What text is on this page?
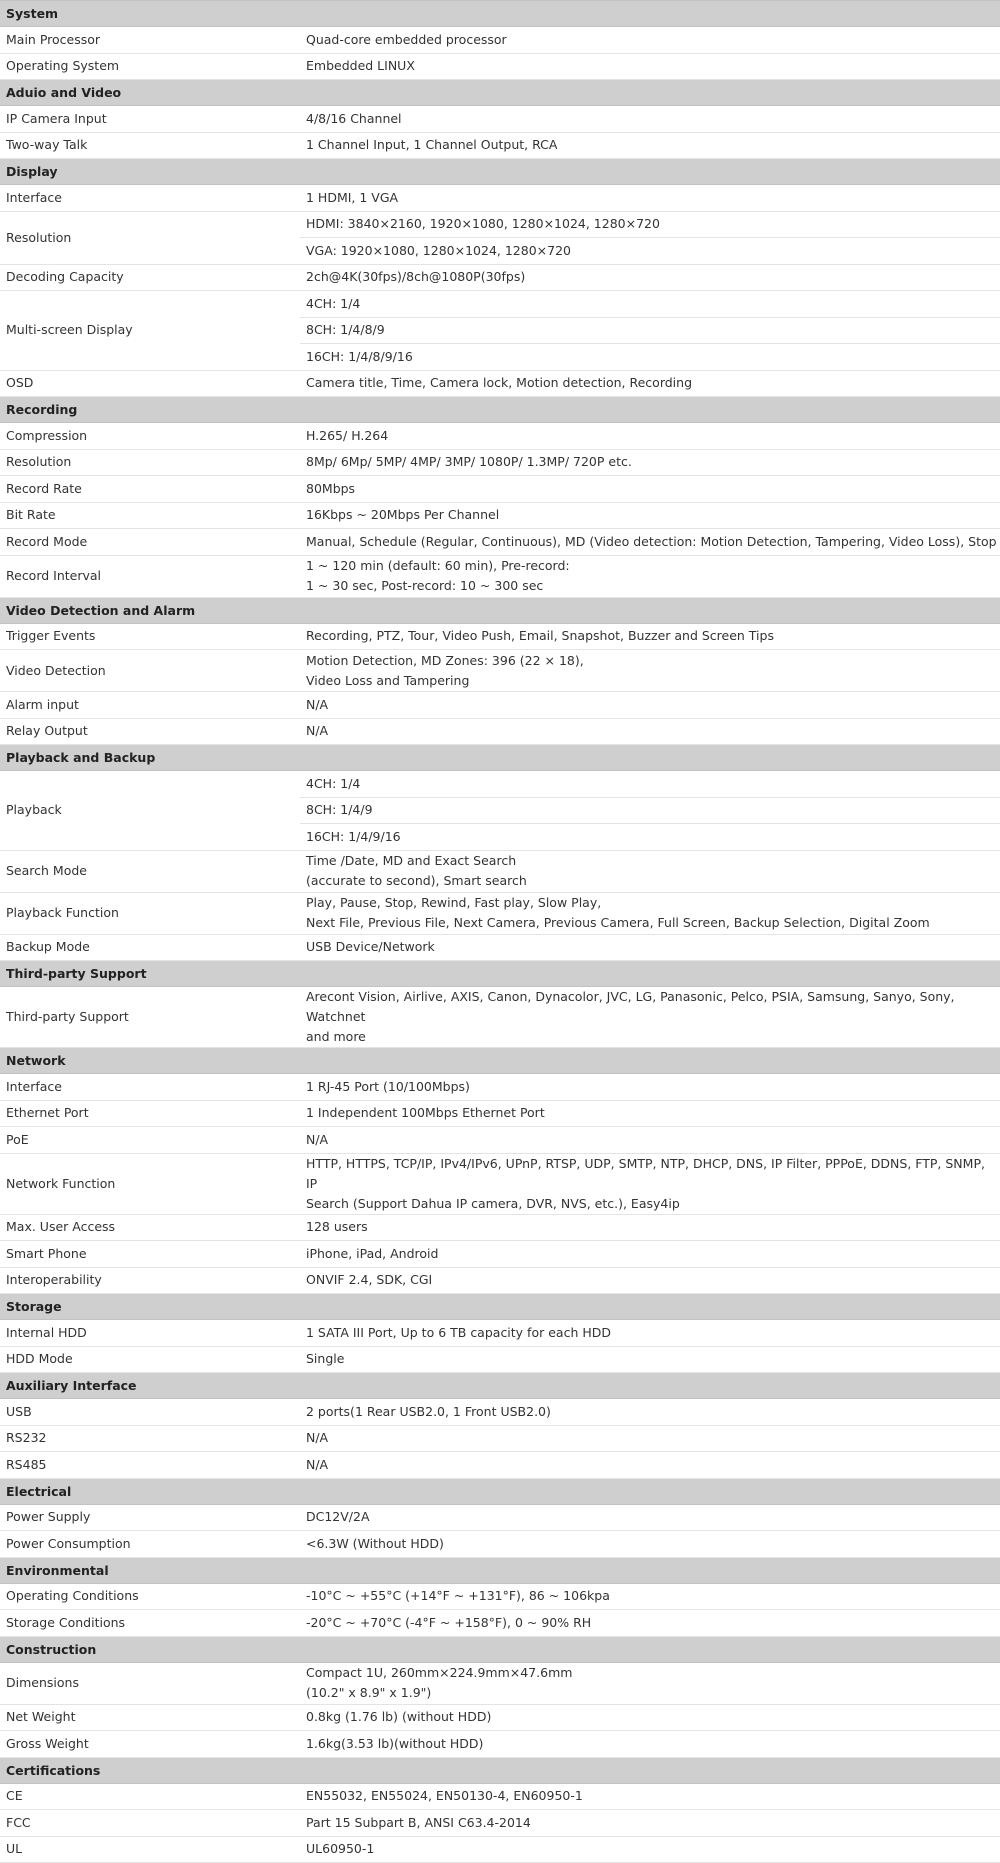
System	
Main Processor	Quad-core embedded processor
Operating System	Embedded LINUX
Aduio and Video	
IP Camera Input	4/8/16 Channel
Two-way Talk	1 Channel Input, 1 Channel Output, RCA
Display	
Interface	1 HDMI, 1 VGA
Resolution	HDMI: 3840×2160, 1920×1080, 1280×1024, 1280×720
	VGA: 1920×1080, 1280×1024, 1280×720
Decoding Capacity	2ch@4K(30fps)/8ch@1080P(30fps)
Multi-screen Display	4CH: 1/4
	8CH: 1/4/8/9
	16CH: 1/4/8/9/16
OSD	Camera title, Time, Camera lock, Motion detection, Recording
Recording	
Compression	H.265/ H.264
Resolution	8Mp/ 6Mp/ 5MP/ 4MP/ 3MP/ 1080P/ 1.3MP/ 720P etc.
Record Rate	80Mbps
Bit Rate	16Kbps ~ 20Mbps Per Channel
Record Mode	Manual, Schedule (Regular, Continuous), MD (Video detection: Motion Detection, Tampering, Video Loss), Stop
Record Interval	1 ~ 120 min (default: 60 min), Pre-record:
1 ~ 30 sec, Post-record: 10 ~ 300 sec

Video Detection and Alarm	
Trigger Events	Recording, PTZ, Tour, Video Push, Email, Snapshot, Buzzer and Screen Tips
Video Detection	Motion Detection, MD Zones: 396 (22 × 18),
Video Loss and Tampering

Alarm input	N/A
Relay Output	N/A
Playback and Backup	
Playback	4CH: 1/4
	8CH: 1/4/9
	16CH: 1/4/9/16
Search Mode	Time /Date, MD and Exact Search
(accurate to second), Smart search

Playback Function	Play, Pause, Stop, Rewind, Fast play, Slow Play,
Next File, Previous File, Next Camera, Previous Camera, Full Screen, Backup Selection, Digital Zoom

Backup Mode	USB Device/Network
Third-party Support	
Third-party Support	Arecont Vision, Airlive, AXIS, Canon, Dynacolor, JVC, LG, Panasonic, Pelco, PSIA, Samsung, Sanyo, Sony, Watchnet
and more

Network	
Interface	1 RJ-45 Port (10/100Mbps)
Ethernet Port	1 Independent 100Mbps Ethernet Port
PoE	N/A
Network Function	HTTP, HTTPS, TCP/IP, IPv4/IPv6, UPnP, RTSP, UDP, SMTP, NTP, DHCP, DNS, IP Filter, PPPoE, DDNS, FTP, SNMP, IP
Search (Support Dahua IP camera, DVR, NVS, etc.), Easy4ip

Max. User Access	128 users
Smart Phone	iPhone, iPad, Android
Interoperability	ONVIF 2.4, SDK, CGI
Storage	
Internal HDD	1 SATA III Port, Up to 6 TB capacity for each HDD
HDD Mode	Single
Auxiliary Interface	
USB	2 ports(1 Rear USB2.0, 1 Front USB2.0)
RS232	N/A
RS485	N/A
Electrical	
Power Supply	DC12V/2A
Power Consumption	<6.3W (Without HDD)
Environmental	
Operating Conditions	-10°C ~ +55°C (+14°F ~ +131°F), 86 ~ 106kpa
Storage Conditions	-20°C ~ +70°C (-4°F ~ +158°F), 0 ~ 90% RH
Construction	
Dimensions	Compact 1U, 260mm×224.9mm×47.6mm
(10.2" x 8.9" x 1.9")

Net Weight	0.8kg (1.76 lb) (without HDD)
Gross Weight	1.6kg(3.53 lb)(without HDD)
Certifications	
CE	EN55032, EN55024, EN50130-4, EN60950-1
FCC	Part 15 Subpart B, ANSI C63.4-2014
UL	UL60950-1
